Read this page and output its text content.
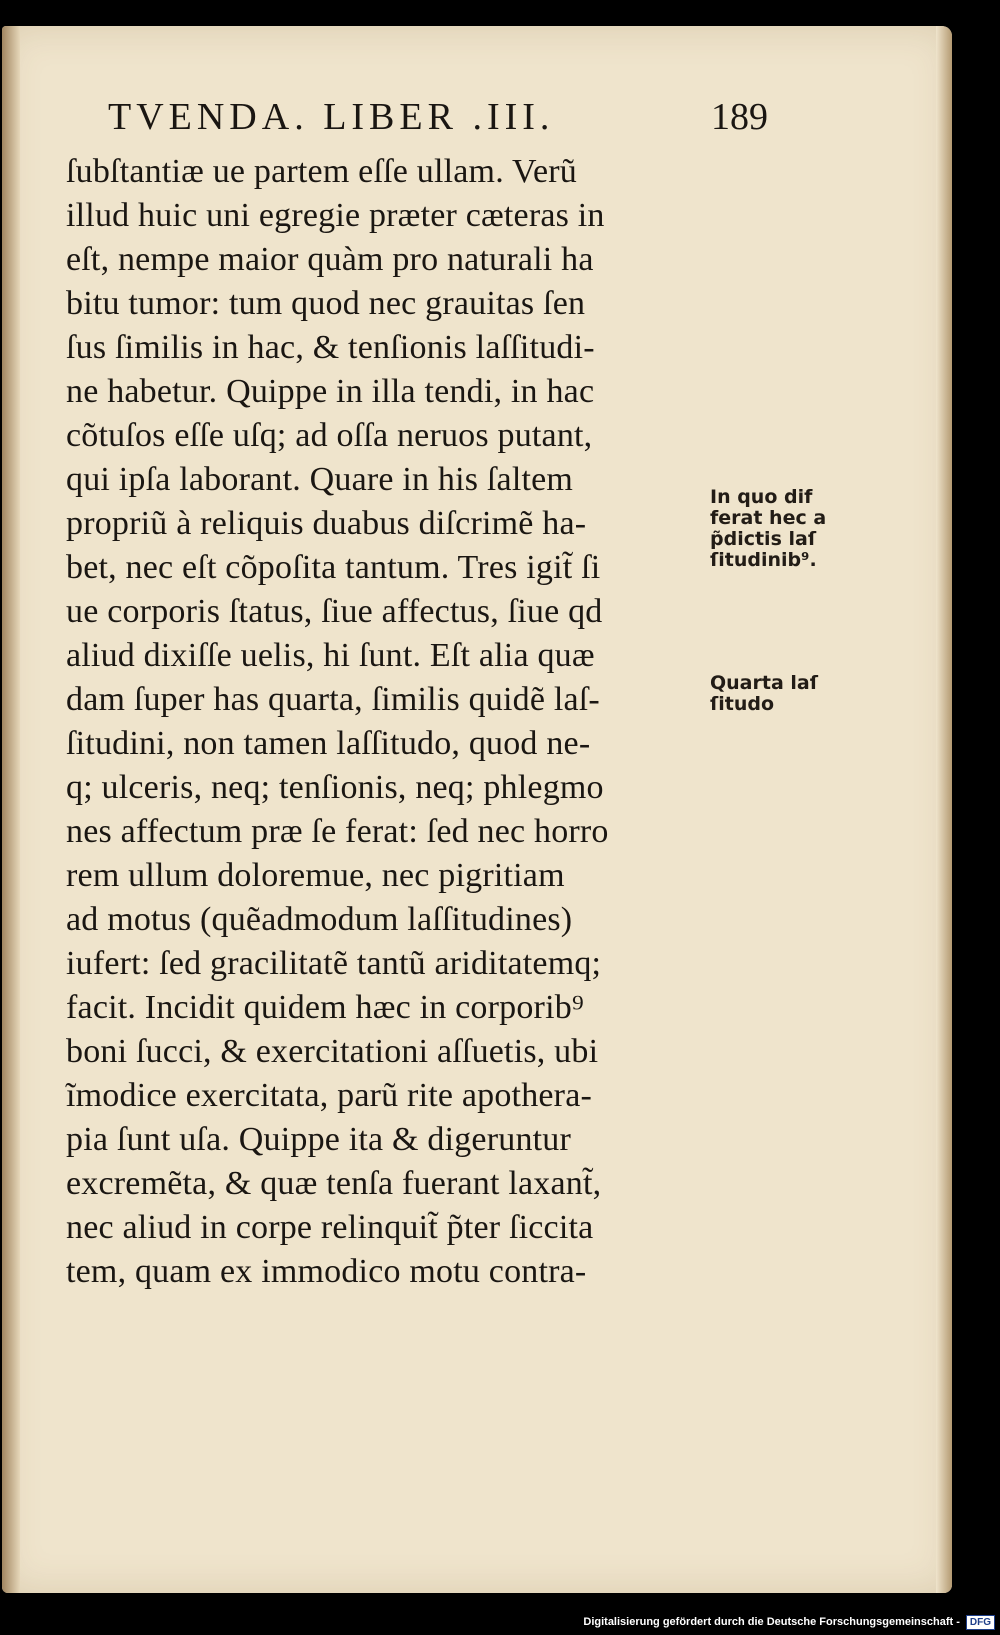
TVENDA. LIBER .III.	189
ſubſtantiæ ue partem eſſe ullam. Verũ
illud huic uni egregie præter cæteras in
eſt, nempe maior quàm pro naturali ha
bitu tumor: tum quod nec grauitas ſen
ſus ſimilis in hac, & tenſionis laſſitudi-
ne habetur. Quippe in illa tendi, in hac
cõtuſos eſſe uſq; ad oſſa neruos putant,
qui ipſa laborant. Quare in his ſaltem
propriũ à reliquis duabus diſcrimẽ ha-
bet, nec eſt cõpoſita tantum. Tres igit̃ ſi
ue corporis ſtatus, ſiue affectus, ſiue qd
aliud dixiſſe uelis, hi ſunt. Eſt alia quæ
dam ſuper has quarta, ſimilis quidẽ laſ-
ſitudini, non tamen laſſitudo, quod ne-
q; ulceris, neq; tenſionis, neq; phlegmo
nes affectum præ ſe ferat: ſed nec horro
rem ullum doloremue, nec pigritiam
ad motus (quẽadmodum laſſitudines)
iufert: ſed gracilitatẽ tantũ ariditatemq;
facit. Incidit quidem hæc in corporib⁹
boni ſucci, & exercitationi aſſuetis, ubi
ĩmodice exercitata, parũ rite apothera-
pia ſunt uſa. Quippe ita & digeruntur
excremẽta, & quæ tenſa fuerant laxant̃,
nec aliud in corpe relinquit̃ p̃ter ſiccita
tem, quam ex immodico motu contra-
In quo dif
ferat hec a
p̃dictis laſ
ſitudinib⁹.
Quarta laſ
ſitudo
Digitalisierung gefördert durch die Deutsche Forschungsgemeinschaft -	DFG
